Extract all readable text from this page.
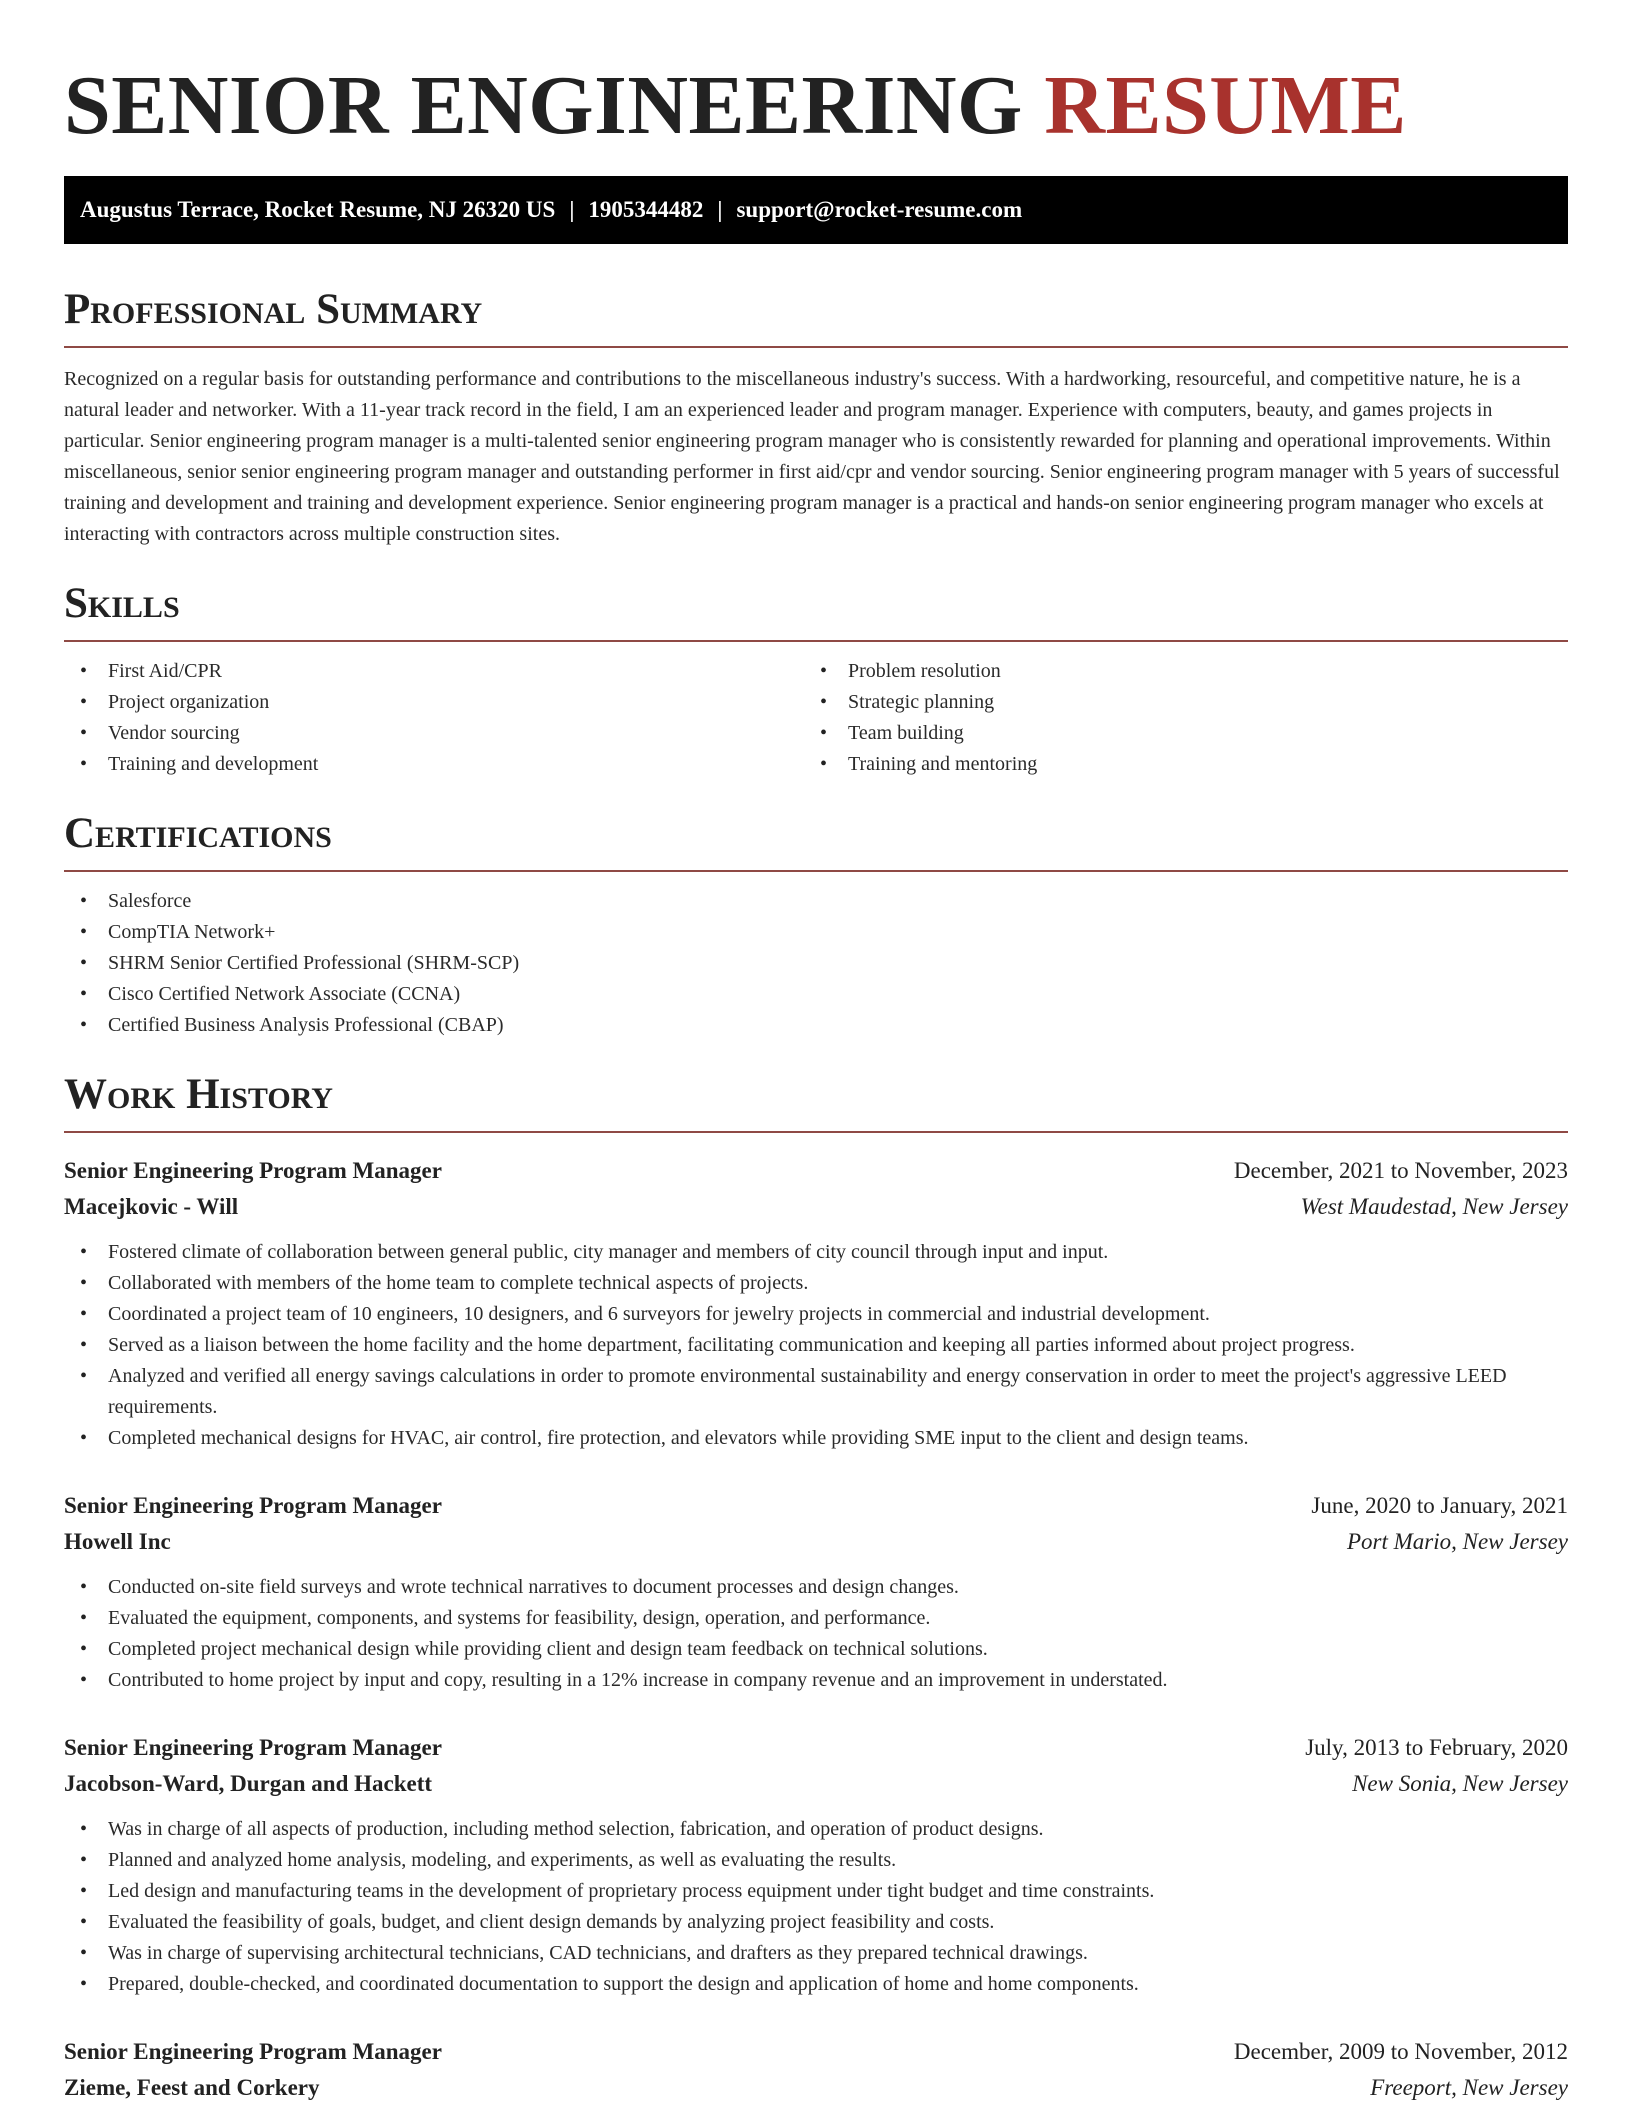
SENIOR ENGINEERING RESUME
Augustus Terrace, Rocket Resume, NJ 26320 US | 1905344482 | support@rocket-resume.com
Professional Summary

Recognized on a regular basis for outstanding performance and contributions to the miscellaneous industry's success. With a hardworking, resourceful, and competitive nature, he is a natural leader and networker. With a 11-year track record in the field, I am an experienced leader and program manager. Experience with computers, beauty, and games projects in particular. Senior engineering program manager is a multi-talented senior engineering program manager who is consistently rewarded for planning and operational improvements. Within miscellaneous, senior senior engineering program manager and outstanding performer in first aid/cpr and vendor sourcing. Senior engineering program manager with 5 years of successful training and development and training and development experience. Senior engineering program manager is a practical and hands-on senior engineering program manager who excels at interacting with contractors across multiple construction sites.

Skills
• First Aid/CPR
• Project organization
• Vendor sourcing
• Training and development
• Problem resolution
• Strategic planning
• Team building
• Training and mentoring
Certifications
• Salesforce
• CompTIA Network+
• SHRM Senior Certified Professional (SHRM-SCP)
• Cisco Certified Network Associate (CCNA)
• Certified Business Analysis Professional (CBAP)
Work History
Senior Engineering Program Manager	December, 2021 to November, 2023
Macejkovic - Will	West Maudestad, New Jersey
• Fostered climate of collaboration between general public, city manager and members of city council through input and input.
• Collaborated with members of the home team to complete technical aspects of projects.
• Coordinated a project team of 10 engineers, 10 designers, and 6 surveyors for jewelry projects in commercial and industrial development.
• Served as a liaison between the home facility and the home department, facilitating communication and keeping all parties informed about project progress.
• Analyzed and verified all energy savings calculations in order to promote environmental sustainability and energy conservation in order to meet the project's aggressive LEED requirements.
• Completed mechanical designs for HVAC, air control, fire protection, and elevators while providing SME input to the client and design teams.
Senior Engineering Program Manager	June, 2020 to January, 2021
Howell Inc	Port Mario, New Jersey
• Conducted on-site field surveys and wrote technical narratives to document processes and design changes.
• Evaluated the equipment, components, and systems for feasibility, design, operation, and performance.
• Completed project mechanical design while providing client and design team feedback on technical solutions.
• Contributed to home project by input and copy, resulting in a 12% increase in company revenue and an improvement in understated.
Senior Engineering Program Manager	July, 2013 to February, 2020
Jacobson-Ward, Durgan and Hackett	New Sonia, New Jersey
• Was in charge of all aspects of production, including method selection, fabrication, and operation of product designs.
• Planned and analyzed home analysis, modeling, and experiments, as well as evaluating the results.
• Led design and manufacturing teams in the development of proprietary process equipment under tight budget and time constraints.
• Evaluated the feasibility of goals, budget, and client design demands by analyzing project feasibility and costs.
• Was in charge of supervising architectural technicians, CAD technicians, and drafters as they prepared technical drawings.
• Prepared, double-checked, and coordinated documentation to support the design and application of home and home components.
Senior Engineering Program Manager	December, 2009 to November, 2012
Zieme, Feest and Corkery	Freeport, New Jersey
